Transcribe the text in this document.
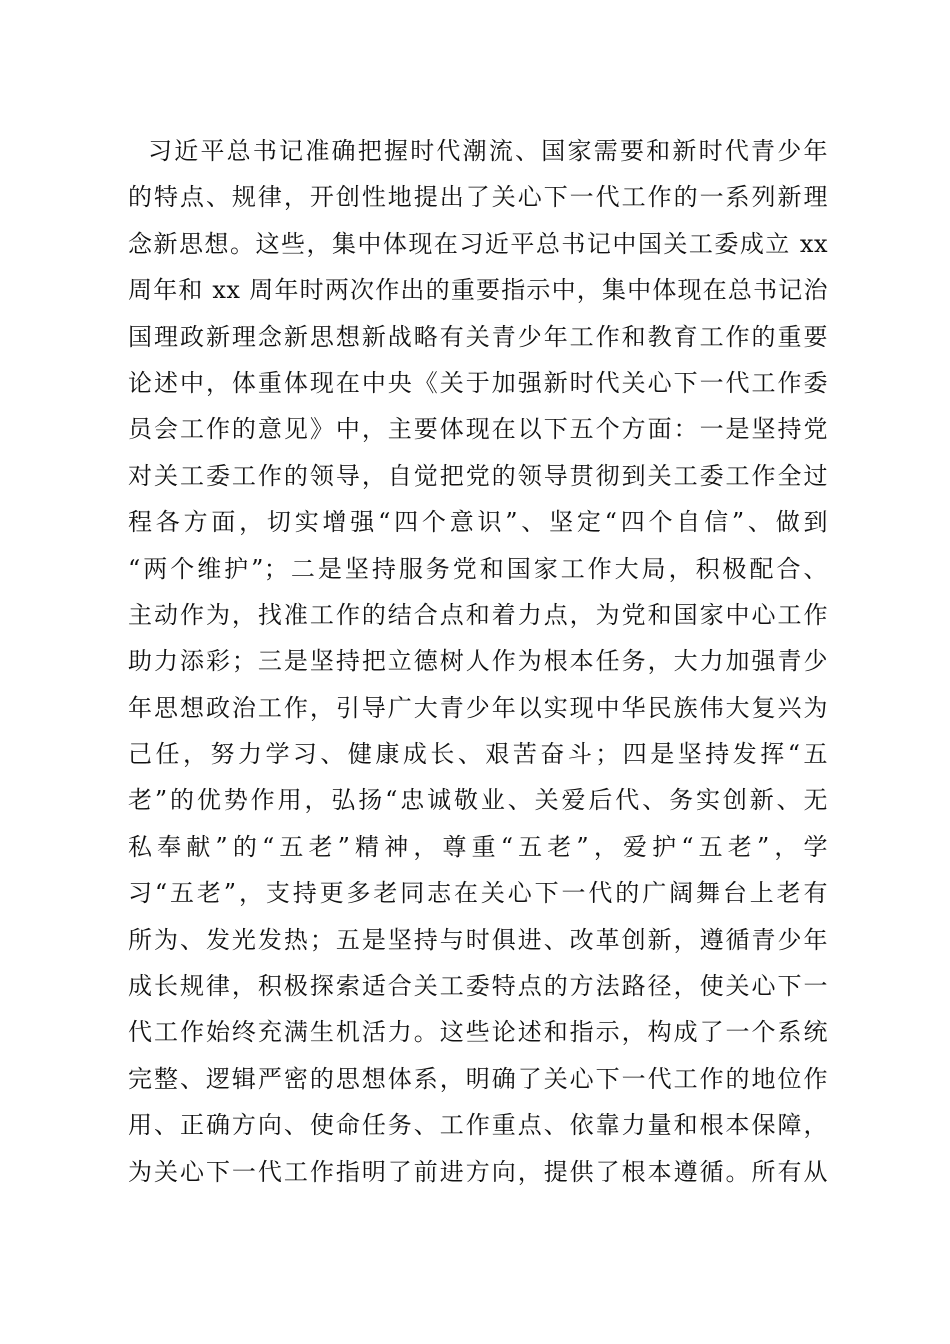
习近平总书记准确把握时代潮流、国家需要和新时代青少年
的特点、规律，开创性地提出了关心下一代工作的一系列新理
念新思想。这些，集中体现在习近平总书记中国关工委成立 xx
周年和 xx 周年时两次作出的重要指示中，集中体现在总书记治
国理政新理念新思想新战略有关青少年工作和教育工作的重要
论述中，体重体现在中央《关于加强新时代关心下一代工作委
员会工作的意见》中，主要体现在以下五个方面：一是坚持党
对关工委工作的领导，自觉把党的领导贯彻到关工委工作全过
程各方面，切实增强“四个意识”、坚定“四个自信”、做到
“两个维护”；二是坚持服务党和国家工作大局，积极配合、
主动作为，找准工作的结合点和着力点，为党和国家中心工作
助力添彩；三是坚持把立德树人作为根本任务，大力加强青少
年思想政治工作，引导广大青少年以实现中华民族伟大复兴为
己任，努力学习、健康成长、艰苦奋斗；四是坚持发挥“五
老”的优势作用，弘扬“忠诚敬业、关爱后代、务实创新、无
私奉献”的“五老”精神，尊重“五老”，爱护“五老”，学
习“五老”，支持更多老同志在关心下一代的广阔舞台上老有
所为、发光发热；五是坚持与时俱进、改革创新，遵循青少年
成长规律，积极探索适合关工委特点的方法路径，使关心下一
代工作始终充满生机活力。这些论述和指示，构成了一个系统
完整、逻辑严密的思想体系，明确了关心下一代工作的地位作
用、正确方向、使命任务、工作重点、依靠力量和根本保障，
为关心下一代工作指明了前进方向，提供了根本遵循。所有从
